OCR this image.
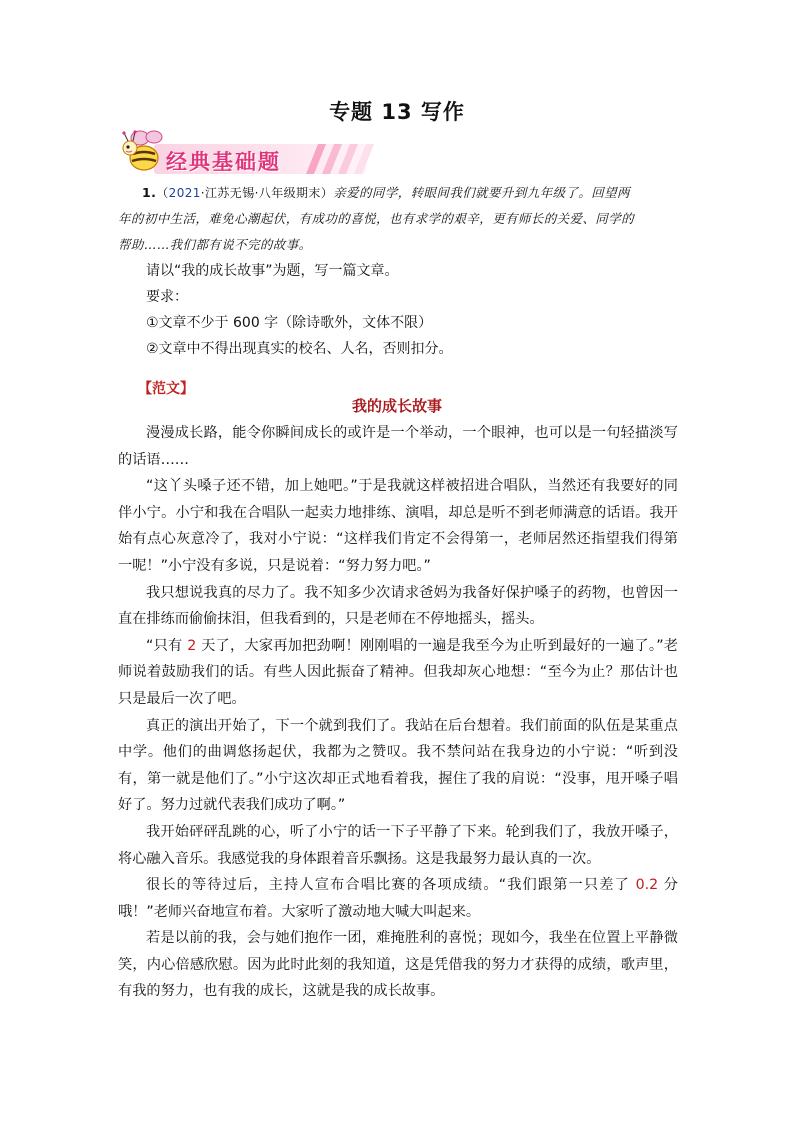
专题 13 写作
经典基础题
1.（2021·江苏无锡·八年级期末）亲爱的同学，转眼间我们就要升到九年级了。回望两
年的初中生活，难免心潮起伏，有成功的喜悦，也有求学的艰辛，更有师长的关爱、同学的
帮助……我们都有说不完的故事。

请以“我的成长故事”为题，写一篇文章。

要求：

①文章不少于 600 字（除诗歌外，文体不限）

②文章中不得出现真实的校名、人名，否则扣分。

【范文】

我的成长故事

漫漫成长路，能令你瞬间成长的或许是一个举动，一个眼神，也可以是一句轻描淡写的话语……

“这丫头嗓子还不错，加上她吧。”于是我就这样被招进合唱队，当然还有我要好的同伴小宁。小宁和我在合唱队一起卖力地排练、演唱，却总是听不到老师满意的话语。我开始有点心灰意冷了，我对小宁说：“这样我们肯定不会得第一，老师居然还指望我们得第一呢！”小宁没有多说，只是说着：“努力努力吧。”

我只想说我真的尽力了。我不知多少次请求爸妈为我备好保护嗓子的药物，也曾因一直在排练而偷偷抹泪，但我看到的，只是老师在不停地摇头，摇头。

“只有 2 天了，大家再加把劲啊！刚刚唱的一遍是我至今为止听到最好的一遍了。”老师说着鼓励我们的话。有些人因此振奋了精神。但我却灰心地想：“至今为止？那估计也只是最后一次了吧。

真正的演出开始了，下一个就到我们了。我站在后台想着。我们前面的队伍是某重点中学。他们的曲调悠扬起伏，我都为之赞叹。我不禁问站在我身边的小宁说：“听到没有，第一就是他们了。”小宁这次却正式地看着我，握住了我的肩说：“没事，甩开嗓子唱好了。努力过就代表我们成功了啊。”

我开始砰砰乱跳的心，听了小宁的话一下子平静了下来。轮到我们了，我放开嗓子，将心融入音乐。我感觉我的身体跟着音乐飘扬。这是我最努力最认真的一次。

很长的等待过后，主持人宣布合唱比赛的各项成绩。“我们跟第一只差了 0.2 分哦！”老师兴奋地宣布着。大家听了激动地大喊大叫起来。

若是以前的我，会与她们抱作一团，难掩胜利的喜悦；现如今，我坐在位置上平静微笑，内心倍感欣慰。因为此时此刻的我知道，这是凭借我的努力才获得的成绩，歌声里，有我的努力，也有我的成长，这就是我的成长故事。
